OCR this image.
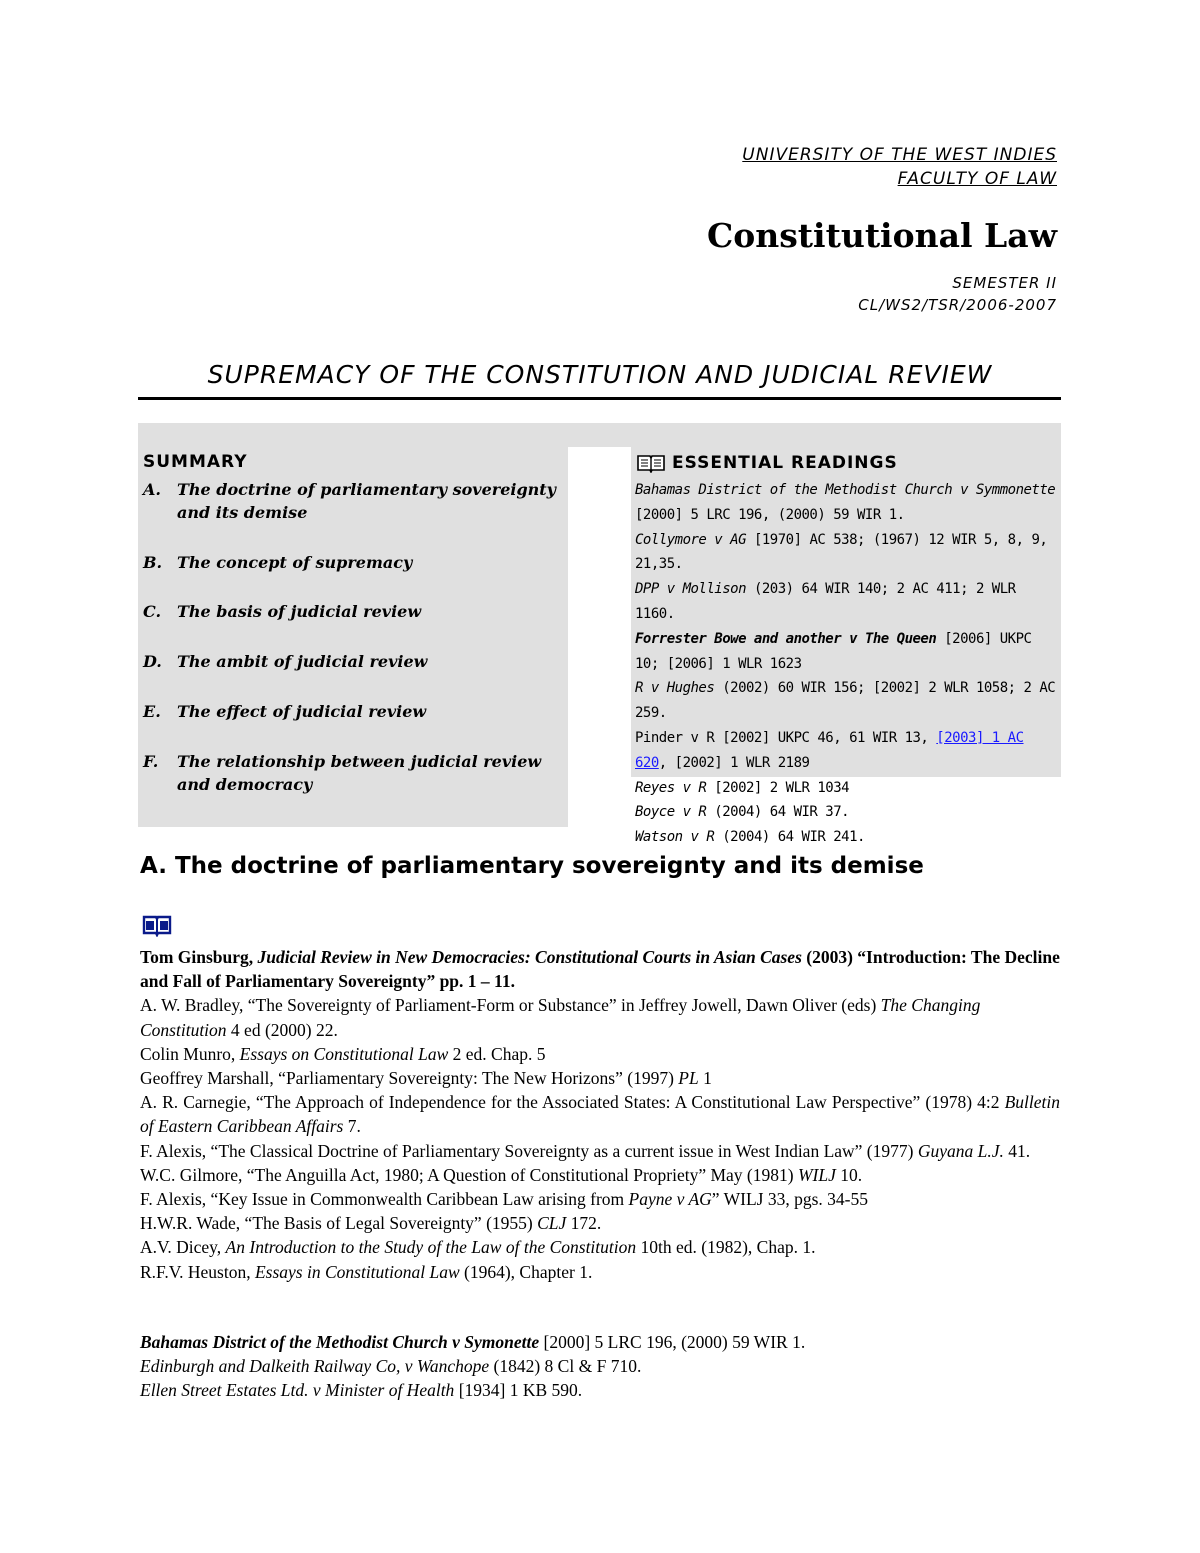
UNIVERSITY OF THE WEST INDIES
FACULTY OF LAW
Constitutional Law
SEMESTER II
CL/WS2/TSR/2006-2007
SUPREMACY OF THE CONSTITUTION AND JUDICIAL REVIEW
SUMMARY
A.	The doctrine of parliamentary sovereignty and its demise
B. The concept of supremacy
C. The basis of judicial review
D. The ambit of judicial review
E.	The effect of judicial review
F.	The relationship between judicial review and democracy
ESSENTIAL READINGS

Bahamas District of the Methodist Church v Symmonette [2000] 5 LRC 196, (2000) 59 WIR 1.

Collymore v AG [1970] AC 538; (1967) 12 WIR 5, 8, 9, 21,35.

DPP v Mollison (203) 64 WIR 140; 2 AC 411; 2 WLR 1160.

Forrester Bowe and another v The Queen [2006] UKPC 10; [2006] 1 WLR 1623

R v Hughes (2002) 60 WIR 156; [2002] 2 WLR 1058; 2 AC 259.

Pinder v R [2002] UKPC 46, 61 WIR 13, [2003] 1 AC 620, [2002] 1 WLR 2189

Reyes v R [2002] 2 WLR 1034

Boyce v R (2004) 64 WIR 37.

Watson v R (2004) 64 WIR 241.

A. The doctrine of parliamentary sovereignty and its demise

Tom Ginsburg, Judicial Review in New Democracies: Constitutional Courts in Asian Cases (2003) “Introduction: The Decline and Fall of Parliamentary Sovereignty” pp. 1 – 11.

A. W. Bradley, “The Sovereignty of Parliament-Form or Substance” in Jeffrey Jowell, Dawn Oliver (eds) The Changing Constitution 4 ed (2000) 22.

Colin Munro, Essays on Constitutional Law 2 ed. Chap. 5

Geoffrey Marshall, “Parliamentary Sovereignty: The New Horizons” (1997) PL 1

A. R. Carnegie, “The Approach of Independence for the Associated States: A Constitutional Law Perspective” (1978) 4:2 Bulletin of Eastern Caribbean Affairs 7.

F. Alexis, “The Classical Doctrine of Parliamentary Sovereignty as a current issue in West Indian Law” (1977) Guyana L.J. 41.

W.C. Gilmore, “The Anguilla Act, 1980; A Question of Constitutional Propriety” May (1981) WILJ 10.

F. Alexis, “Key Issue in Commonwealth Caribbean Law arising from Payne v AG” WILJ 33, pgs. 34-55

H.W.R. Wade, “The Basis of Legal Sovereignty” (1955) CLJ 172.

A.V. Dicey, An Introduction to the Study of the Law of the Constitution 10th ed. (1982), Chap. 1.

R.F.V. Heuston, Essays in Constitutional Law (1964), Chapter 1.

Bahamas District of the Methodist Church v Symonette [2000] 5 LRC 196, (2000) 59 WIR 1.

Edinburgh and Dalkeith Railway Co, v Wanchope (1842) 8 Cl & F 710.

Ellen Street Estates Ltd. v Minister of Health [1934] 1 KB 590.
